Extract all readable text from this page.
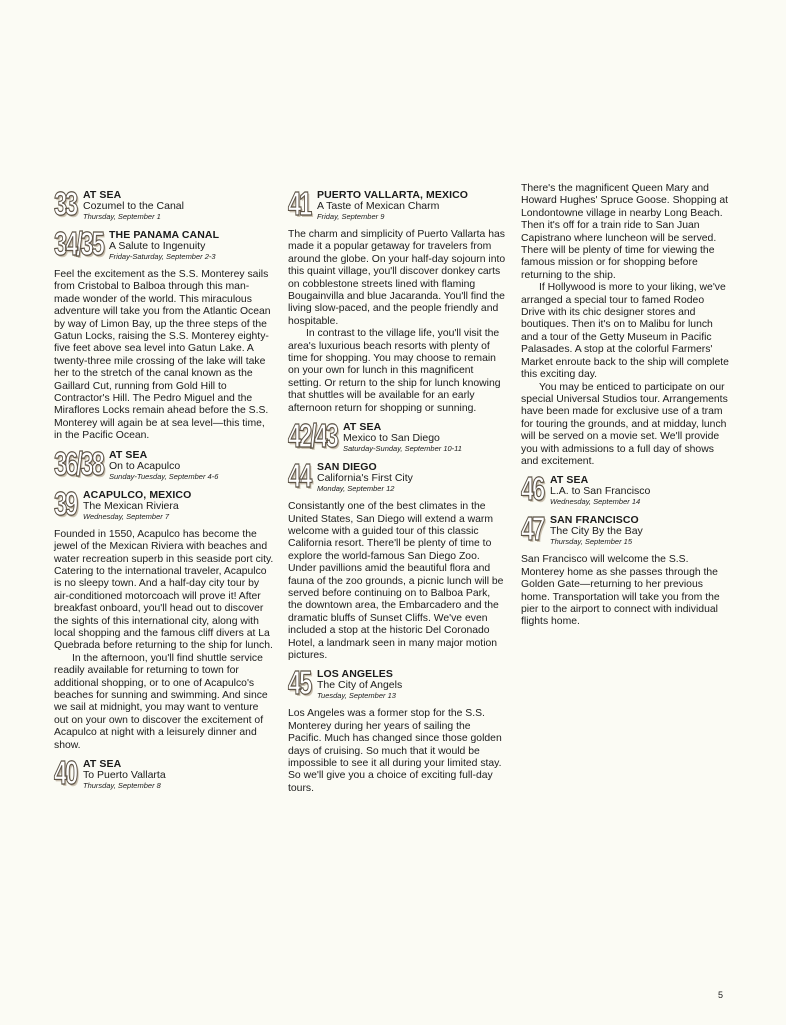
33 AT SEA
Cozumel to the Canal
Thursday, September 1
34/35 THE PANAMA CANAL
A Salute to Ingenuity
Friday-Saturday, September 2-3
Feel the excitement as the S.S. Monterey sails from Cristobal to Balboa through this man-made wonder of the world. This miraculous adventure will take you from the Atlantic Ocean by way of Limon Bay, up the three steps of the Gatun Locks, raising the S.S. Monterey eighty-five feet above sea level into Gatun Lake. A twenty-three mile crossing of the lake will take her to the stretch of the canal known as the Gaillard Cut, running from Gold Hill to Contractor's Hill. The Pedro Miguel and the Miraflores Locks remain ahead before the S.S. Monterey will again be at sea level—this time, in the Pacific Ocean.
36/38 AT SEA
On to Acapulco
Sunday-Tuesday, September 4-6
39 ACAPULCO, MEXICO
The Mexican Riviera
Wednesday, September 7
Founded in 1550, Acapulco has become the jewel of the Mexican Riviera with beaches and water recreation superb in this seaside port city. Catering to the international traveler, Acapulco is no sleepy town. And a half-day city tour by air-conditioned motorcoach will prove it! After breakfast onboard, you'll head out to discover the sights of this international city, along with local shopping and the famous cliff divers at La Quebrada before returning to the ship for lunch.
In the afternoon, you'll find shuttle service readily available for returning to town for additional shopping, or to one of Acapulco's beaches for sunning and swimming. And since we sail at midnight, you may want to venture out on your own to discover the excitement of Acapulco at night with a leisurely dinner and show.
40 AT SEA
To Puerto Vallarta
Thursday, September 8
41 PUERTO VALLARTA, MEXICO
A Taste of Mexican Charm
Friday, September 9
The charm and simplicity of Puerto Vallarta has made it a popular getaway for travelers from around the globe. On your half-day sojourn into this quaint village, you'll discover donkey carts on cobblestone streets lined with flaming Bougainvilla and blue Jacaranda. You'll find the living slow-paced, and the people friendly and hospitable.
In contrast to the village life, you'll visit the area's luxurious beach resorts with plenty of time for shopping. You may choose to remain on your own for lunch in this magnificent setting. Or return to the ship for lunch knowing that shuttles will be available for an early afternoon return for shopping or sunning.
42/43 AT SEA
Mexico to San Diego
Saturday-Sunday, September 10-11
44 SAN DIEGO
California's First City
Monday, September 12
Consistantly one of the best climates in the United States, San Diego will extend a warm welcome with a guided tour of this classic California resort. There'll be plenty of time to explore the world-famous San Diego Zoo. Under pavillions amid the beautiful flora and fauna of the zoo grounds, a picnic lunch will be served before continuing on to Balboa Park, the downtown area, the Embarcadero and the dramatic bluffs of Sunset Cliffs. We've even included a stop at the historic Del Coronado Hotel, a landmark seen in many major motion pictures.
45 LOS ANGELES
The City of Angels
Tuesday, September 13
Los Angeles was a former stop for the S.S. Monterey during her years of sailing the Pacific. Much has changed since those golden days of cruising. So much that it would be impossible to see it all during your limited stay. So we'll give you a choice of exciting full-day tours.
There's the magnificent Queen Mary and Howard Hughes' Spruce Goose. Shopping at Londontowne village in nearby Long Beach. Then it's off for a train ride to San Juan Capistrano where luncheon will be served. There will be plenty of time for viewing the famous mission or for shopping before returning to the ship.
If Hollywood is more to your liking, we've arranged a special tour to famed Rodeo Drive with its chic designer stores and boutiques. Then it's on to Malibu for lunch and a tour of the Getty Museum in Pacific Palasades. A stop at the colorful Farmers' Market enroute back to the ship will complete this exciting day.
You may be enticed to participate on our special Universal Studios tour. Arrangements have been made for exclusive use of a tram for touring the grounds, and at midday, lunch will be served on a movie set. We'll provide you with admissions to a full day of shows and excitement.
46 AT SEA
L.A. to San Francisco
Wednesday, September 14
47 SAN FRANCISCO
The City By the Bay
Thursday, September 15
San Francisco will welcome the S.S. Monterey home as she passes through the Golden Gate—returning to her previous home. Transportation will take you from the pier to the airport to connect with individual flights home.
5
